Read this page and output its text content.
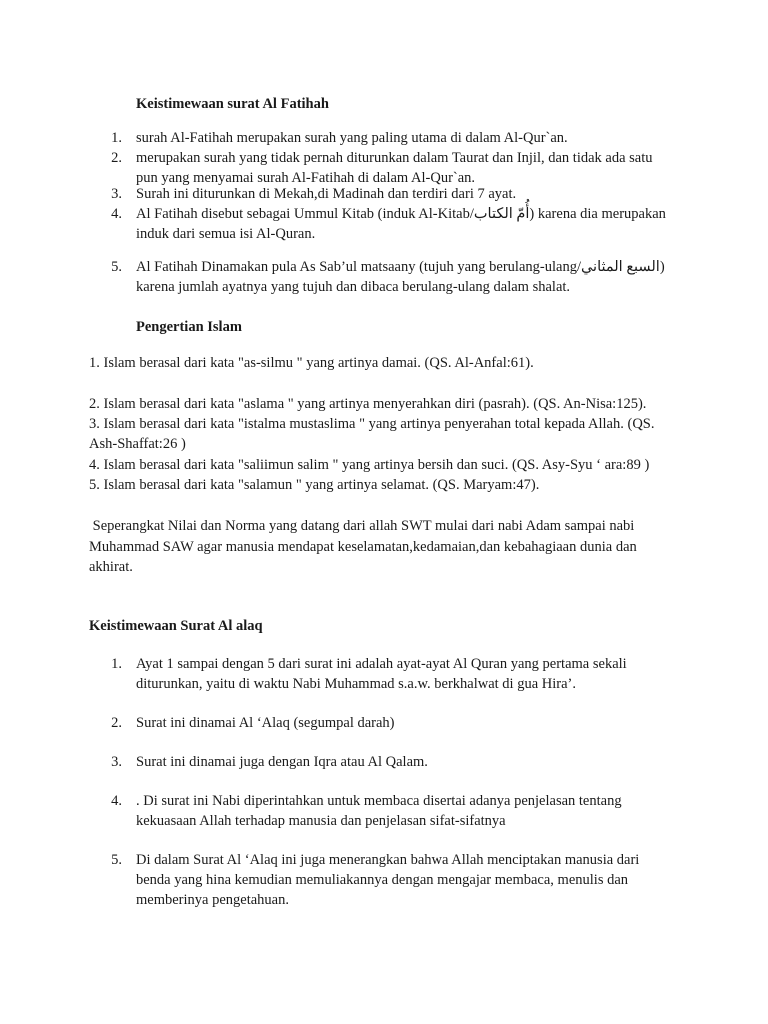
Keistimewaan surat Al Fatihah
1. surah Al-Fatihah merupakan surah yang paling utama di dalam Al-Qur`an.
2. merupakan surah yang tidak pernah diturunkan dalam Taurat dan Injil, dan tidak ada satu
pun yang menyamai surah Al-Fatihah di dalam Al-Qur`an.
3. Surah ini diturunkan di Mekah,di Madinah dan terdiri dari 7 ayat.
4. Al Fatihah disebut sebagai Ummul Kitab (induk Al-Kitab/أُمّ الكتاب) karena dia merupakan
induk dari semua isi Al-Quran.
5. Al Fatihah Dinamakan pula As Sab’ul matsaany (tujuh yang berulang-ulang/السبع المثاني)
karena jumlah ayatnya yang tujuh dan dibaca berulang-ulang dalam shalat.
Pengertian Islam
1. Islam berasal dari kata "as-silmu " yang artinya damai. (QS. Al-Anfal:61).
2. Islam berasal dari kata "aslama " yang artinya menyerahkan diri (pasrah). (QS. An-Nisa:125).
3. Islam berasal dari kata "istalma mustaslima " yang artinya penyerahan total kepada Allah. (QS.
Ash-Shaffat:26 )
4. Islam berasal dari kata "saliimun salim " yang artinya bersih dan suci. (QS. Asy-Syu ‘ ara:89 )
5. Islam berasal dari kata "salamun " yang artinya selamat. (QS. Maryam:47).
Seperangkat Nilai dan Norma yang datang dari allah SWT mulai dari nabi Adam sampai nabi
Muhammad SAW agar manusia mendapat keselamatan,kedamaian,dan kebahagiaan dunia dan
akhirat.
Keistimewaan Surat Al alaq
1. Ayat 1 sampai dengan 5 dari surat ini adalah ayat-ayat Al Quran yang pertama sekali
diturunkan, yaitu di waktu Nabi Muhammad s.a.w. berkhalwat di gua Hira’.
2. Surat ini dinamai Al ‘Alaq (segumpal darah)
3. Surat ini dinamai juga dengan Iqra atau Al Qalam.
4. . Di surat ini Nabi diperintahkan untuk membaca disertai adanya penjelasan tentang
kekuasaan Allah terhadap manusia dan penjelasan sifat-sifatnya
5. Di dalam Surat Al ‘Alaq ini juga menerangkan bahwa Allah menciptakan manusia dari
benda yang hina kemudian memuliakannya dengan mengajar membaca, menulis dan
memberinya pengetahuan.
